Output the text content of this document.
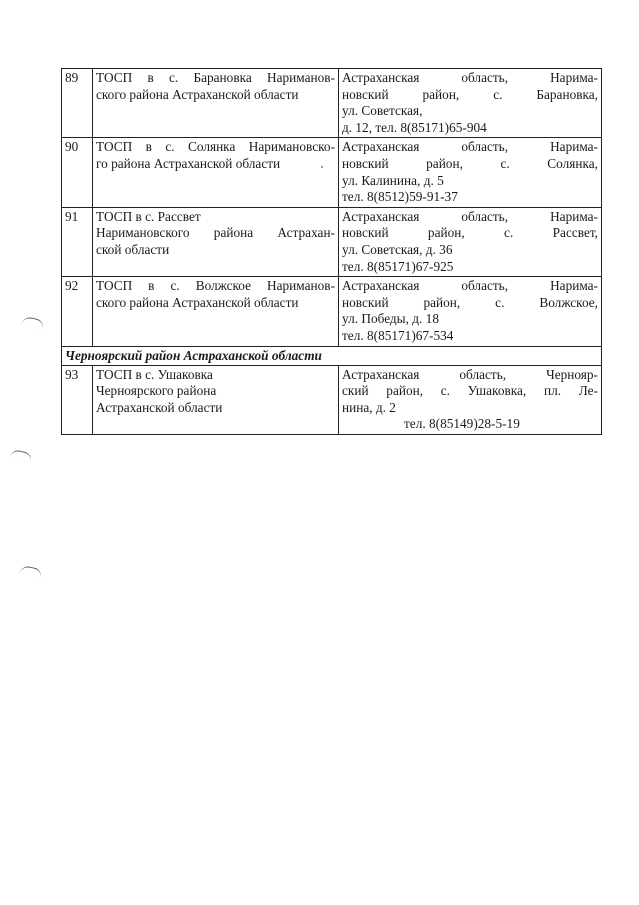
89	ТОСП в с. Барановка Нариманов-
ского района Астраханской области	Астраханская область, Нарима-
новский район, с. Барановка,
ул. Советская,
д. 12, тел. 8(85171)65-904

90	ТОСП в с. Солянка Наримановско-
го района Астраханской области	Астраханская область, Нарима-
новский район, с. Солянка,
ул. Калинина, д. 5
тел. 8(8512)59-91-37

91	ТОСП в с. Рассвет
Наримановского района Астрахан-
ской области	Астраханская область, Нарима-
новский район, с. Рассвет,
ул. Советская, д. 36
тел. 8(85171)67-925

92	ТОСП в с. Волжское Нариманов-
ского района Астраханской области	Астраханская область, Нарима-
новский район, с. Волжское,
ул. Победы, д. 18
тел. 8(85171)67-534

Черноярский район Астраханской области		
93	ТОСП в с. Ушаковка
Черноярского района
Астраханской области	Астраханская область, Чернояр-
ский район, с. Ушаковка, пл. Ле-
нина, д. 2
тел. 8(85149)28-5-19
